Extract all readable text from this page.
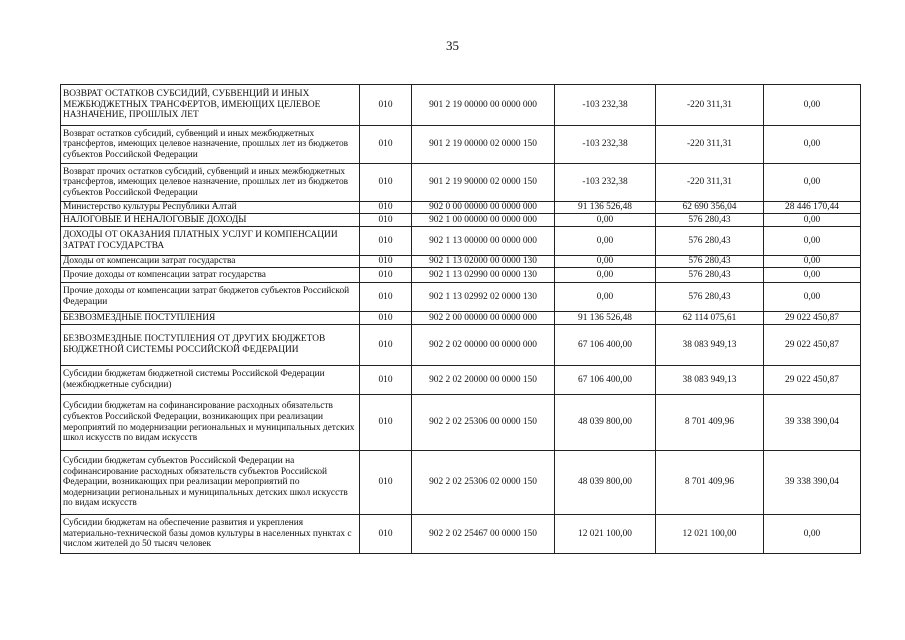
35
ВОЗВРАТ ОСТАТКОВ СУБСИДИЙ, СУБВЕНЦИЙ И ИНЫХ МЕЖБЮДЖЕТНЫХ ТРАНСФЕРТОВ, ИМЕЮЩИХ ЦЕЛЕВОЕ НАЗНАЧЕНИЕ, ПРОШЛЫХ ЛЕТ	010	901 2 19 00000 00 0000 000	-103 232,38	-220 311,31	0,00
Возврат остатков субсидий, субвенций и иных межбюджетных трансфертов, имеющих целевое назначение, прошлых лет из бюджетов субъектов Российской Федерации	010	901 2 19 00000 02 0000 150	-103 232,38	-220 311,31	0,00
Возврат прочих остатков субсидий, субвенций и иных межбюджетных трансфертов, имеющих целевое назначение, прошлых лет из бюджетов субъектов Российской Федерации	010	901 2 19 90000 02 0000 150	-103 232,38	-220 311,31	0,00
Министерство культуры Республики Алтай	010	902 0 00 00000 00 0000 000	91 136 526,48	62 690 356,04	28 446 170,44
НАЛОГОВЫЕ И НЕНАЛОГОВЫЕ ДОХОДЫ	010	902 1 00 00000 00 0000 000	0,00	576 280,43	0,00
ДОХОДЫ ОТ ОКАЗАНИЯ ПЛАТНЫХ УСЛУГ И КОМПЕНСАЦИИ ЗАТРАТ ГОСУДАРСТВА	010	902 1 13 00000 00 0000 000	0,00	576 280,43	0,00
Доходы от компенсации затрат государства	010	902 1 13 02000 00 0000 130	0,00	576 280,43	0,00
Прочие доходы от компенсации затрат государства	010	902 1 13 02990 00 0000 130	0,00	576 280,43	0,00
Прочие доходы от компенсации затрат бюджетов субъектов Российской Федерации	010	902 1 13 02992 02 0000 130	0,00	576 280,43	0,00
БЕЗВОЗМЕЗДНЫЕ ПОСТУПЛЕНИЯ	010	902 2 00 00000 00 0000 000	91 136 526,48	62 114 075,61	29 022 450,87
БЕЗВОЗМЕЗДНЫЕ ПОСТУПЛЕНИЯ ОТ ДРУГИХ БЮДЖЕТОВ БЮДЖЕТНОЙ СИСТЕМЫ РОССИЙСКОЙ ФЕДЕРАЦИИ	010	902 2 02 00000 00 0000 000	67 106 400,00	38 083 949,13	29 022 450,87
Субсидии бюджетам бюджетной системы Российской Федерации (межбюджетные субсидии)	010	902 2 02 20000 00 0000 150	67 106 400,00	38 083 949,13	29 022 450,87
Субсидии бюджетам на софинансирование расходных обязательств субъектов Российской Федерации, возникающих при реализации мероприятий по модернизации региональных и муниципальных детских школ искусств по видам искусств	010	902 2 02 25306 00 0000 150	48 039 800,00	8 701 409,96	39 338 390,04
Субсидии бюджетам субъектов Российской Федерации на софинансирование расходных обязательств субъектов Российской Федерации, возникающих при реализации мероприятий по модернизации региональных и муниципальных детских школ искусств по видам искусств	010	902 2 02 25306 02 0000 150	48 039 800,00	8 701 409,96	39 338 390,04
Субсидии бюджетам на обеспечение развития и укрепления материально-технической базы домов культуры в населенных пунктах с числом жителей до 50 тысяч человек	010	902 2 02 25467 00 0000 150	12 021 100,00	12 021 100,00	0,00
